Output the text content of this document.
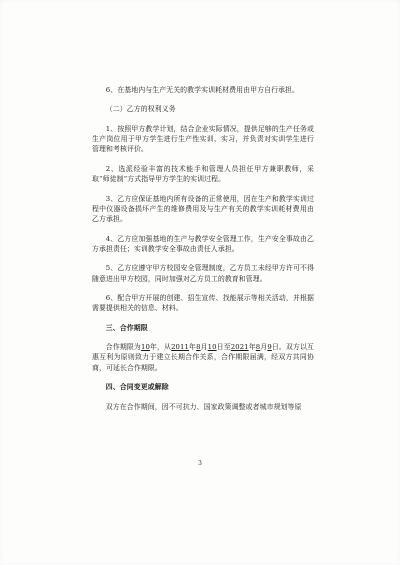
6、在基地内与生产无关的教学实训耗材费用由甲方自行承担。

（二）乙方的权利义务

1、按照甲方教学计划，结合企业实际情况，提供足够的生产任务或生产岗位用于甲方学生进行生产性实训、实习，并负责对实训学生进行管理和考核评价。

2、选派经验丰富的技术能手和管理人员担任甲方兼职教师，采取“师徒制”方式指导甲方学生的实训过程。

3、乙方应保证基地内所有设备的正常使用，因在生产和教学实训过程中仪器设备损坏产生的维修费用及与生产有关的教学实训耗材费用由乙方承担。

4、乙方应加强基地的生产与教学安全管理工作，生产安全事故由乙方承担责任；实训教学安全事故由责任人承担。

5、乙方应遵守甲方校园安全管理制度，乙方员工未经甲方许可不得随意进出甲方校园，同时加强对乙方员工的教育和管理。

6、配合甲方开展的创建、招生宣传、找能展示等相关活动，并根据需要提供相关的信息、材料。

三、合作期限

合作期限为10年，从2011年8月10日至2021年8月9日。双方以互惠互利为原则致力于建立长期合作关系，合作期限届满，经双方共同协商，可延长合作期限。

四、合同变更或解除

双方在合作期间，因不可抗力、国家政策调整或者城市规划等原

3
